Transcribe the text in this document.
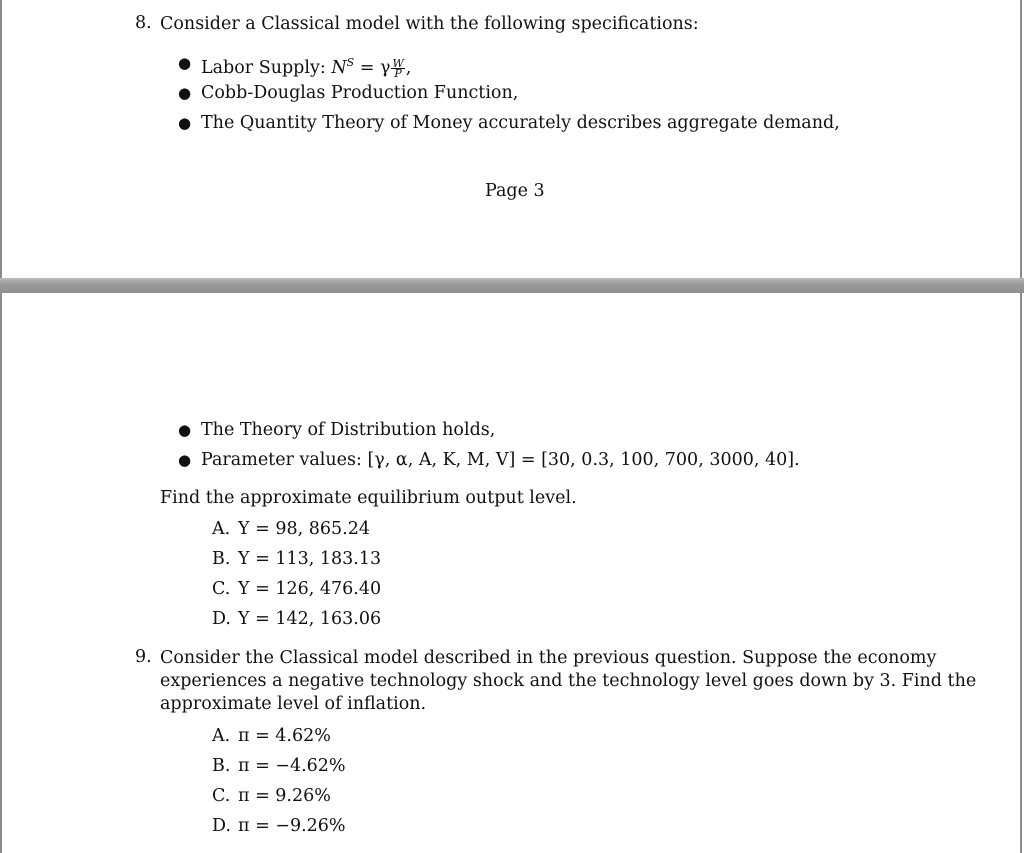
8. Consider a Classical model with the following specifications:
● Labor Supply: $N^S = \gamma \frac{W}{P}$ ,
● Cobb-Douglas Production Function,
● The Quantity Theory of Money accurately describes aggregate demand,
Page 3
● The Theory of Distribution holds,
● Parameter values: [γ, α, A, K, M, V] = [30, 0.3, 100, 700, 3000, 40].
Find the approximate equilibrium output level.
A. Y = 98, 865.24
B. Y = 113, 183.13
C. Y = 126, 476.40
D. Y = 142, 163.06
9. Consider the Classical model described in the previous question. Suppose the economy
experiences a negative technology shock and the technology level goes down by 3. Find the
approximate level of inflation.
A. π = 4.62%
B. π = −4.62%
C. π = 9.26%
D. π = −9.26%
